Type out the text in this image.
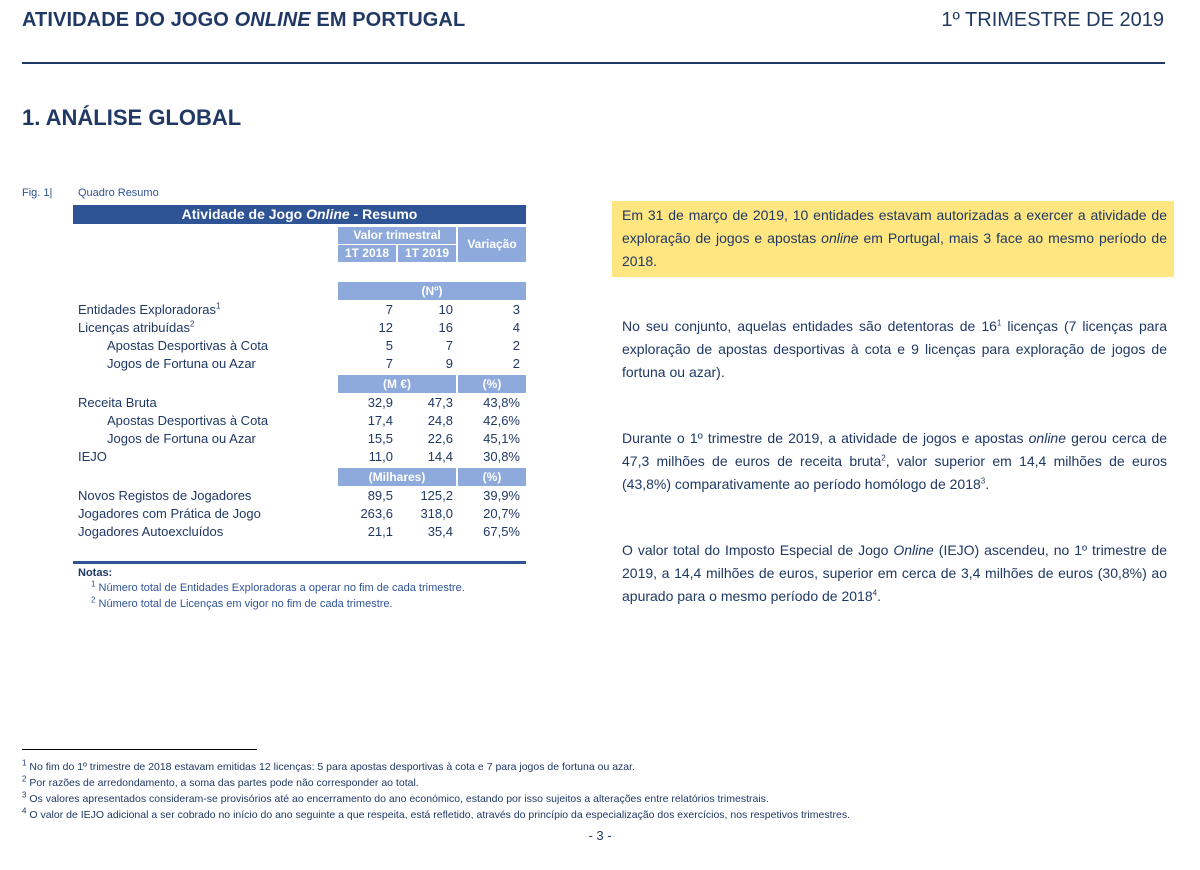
ATIVIDADE DO JOGO ONLINE EM PORTUGAL	1º TRIMESTRE DE 2019
1. ANÁLISE GLOBAL
Fig. 1| Quadro Resumo
Atividade de Jogo Online - Resumo
Valor trimestral
1T 2018	1T 2019
Variação
(Nº)
Entidades Exploradoras$^1$	7	10	3
Licenças atribuídas$^2$	12	16	4
Apostas Desportivas à Cota	5	7	2
Jogos de Fortuna ou Azar	7	9	2
(M €)	(%)
Receita Bruta	32,9	47,3 43,8%
Apostas Desportivas à Cota	17,4	24,8 42,6%
Jogos de Fortuna ou Azar	15,5	22,6 45,1%
IEJO	11,0	14,4 30,8%
(Milhares)	(%)
Novos Registos de Jogadores	89,5 125,2 39,9%
Jogadores com Prática de Jogo	263,6 318,0 20,7%
Jogadores Autoexcluídos	21,1	35,4 67,5%
Notas:
$^1$ Número total de Entidades Exploradoras a operar no fim de cada trimestre.
$^2$ Número total de Licenças em vigor no fim de cada trimestre.
Em 31 de março de 2019, 10 entidades estavam autorizadas a exercer a atividade de exploração de jogos e apostas online em Portugal, mais 3 face ao mesmo período de 2018.
No seu conjunto, aquelas entidades são detentoras de $16^1$ licenças (7 licenças para exploração de apostas desportivas à cota e 9 licenças para exploração de jogos de fortuna ou azar).
Durante o 1º trimestre de 2019, a atividade de jogos e apostas online gerou cerca de 47,3 milhões de euros de receita bruta$^2$, valor superior em 14,4 milhões de euros (43,8%) comparativamente ao período homólogo de 2018$^3$.
O valor total do Imposto Especial de Jogo Online (IEJO) ascendeu, no 1º trimestre de 2019, a 14,4 milhões de euros, superior em cerca de 3,4 milhões de euros (30,8%) ao apurado para o mesmo período de 2018$^4$.
$^1$ No fim do 1º trimestre de 2018 estavam emitidas 12 licenças: 5 para apostas desportivas à cota e 7 para jogos de fortuna ou azar.
$^2$ Por razões de arredondamento, a soma das partes pode não corresponder ao total.
$^3$ Os valores apresentados consideram-se provisórios até ao encerramento do ano económico, estando por isso sujeitos a alterações entre relatórios trimestrais.
$^4$ O valor de IEJO adicional a ser cobrado no início do ano seguinte a que respeita, está refletido, através do princípio da especialização dos exercícios, nos respetivos trimestres.
- 3 -
